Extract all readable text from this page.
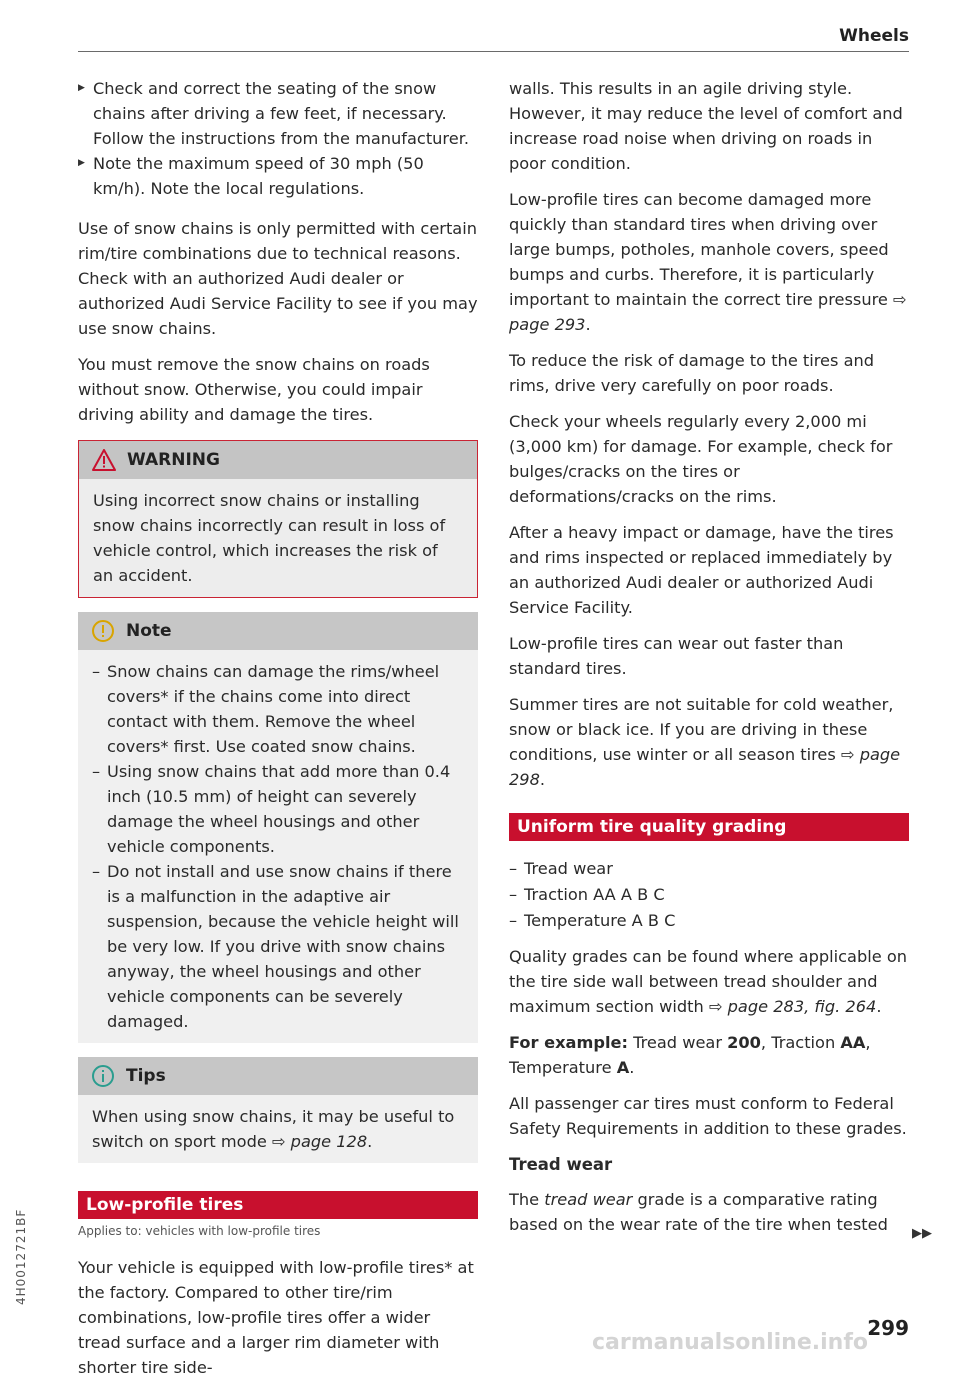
Wheels
▶ Check and correct the seating of the snow chains after driving a few feet, if necessary. Follow the instructions from the manufacturer.
▶ Note the maximum speed of 30 mph (50 km/h). Note the local regulations.

Use of snow chains is only permitted with certain rim/tire combinations due to technical reasons. Check with an authorized Audi dealer or authorized Audi Service Facility to see if you may use snow chains.

You must remove the snow chains on roads without snow. Otherwise, you could impair driving ability and damage the tires.

WARNING
Using incorrect snow chains or installing snow chains incorrectly can result in loss of vehicle control, which increases the risk of an accident.
Note
– Snow chains can damage the rims/wheel covers* if the chains come into direct contact with them. Remove the wheel covers* first. Use coated snow chains.
– Using snow chains that add more than 0.4 inch (10.5 mm) of height can severely damage the wheel housings and other vehicle components.
– Do not install and use snow chains if there is a malfunction in the adaptive air suspension, because the vehicle height will be very low. If you drive with snow chains anyway, the wheel housings and other vehicle components can be severely damaged.
Tips
When using snow chains, it may be useful to switch on sport mode ⇨ page 128.
Low-profile tires
Applies to: vehicles with low-profile tires

Your vehicle is equipped with low-profile tires* at the factory. Compared to other tire/rim combinations, low-profile tires offer a wider tread surface and a larger rim diameter with shorter tire side-

walls. This results in an agile driving style. However, it may reduce the level of comfort and increase road noise when driving on roads in poor condition.

Low-profile tires can become damaged more quickly than standard tires when driving over large bumps, potholes, manhole covers, speed bumps and curbs. Therefore, it is particularly important to maintain the correct tire pressure ⇨ page 293.

To reduce the risk of damage to the tires and rims, drive very carefully on poor roads.

Check your wheels regularly every 2,000 mi (3,000 km) for damage. For example, check for bulges/cracks on the tires or deformations/cracks on the rims.

After a heavy impact or damage, have the tires and rims inspected or replaced immediately by an authorized Audi dealer or authorized Audi Service Facility.

Low-profile tires can wear out faster than standard tires.

Summer tires are not suitable for cold weather, snow or black ice. If you are driving in these conditions, use winter or all season tires ⇨ page 298.

Uniform tire quality grading
– Tread wear
– Traction AA A B C
– Temperature A B C

Quality grades can be found where applicable on the tire side wall between tread shoulder and maximum section width ⇨ page 283, fig. 264.

For example: Tread wear 200, Traction AA, Temperature A.

All passenger car tires must conform to Federal Safety Requirements in addition to these grades.

Tread wear

The tread wear grade is a comparative rating based on the wear rate of the tire when tested	▶▶
299
4H0012721BF
carmanualsonline.info
